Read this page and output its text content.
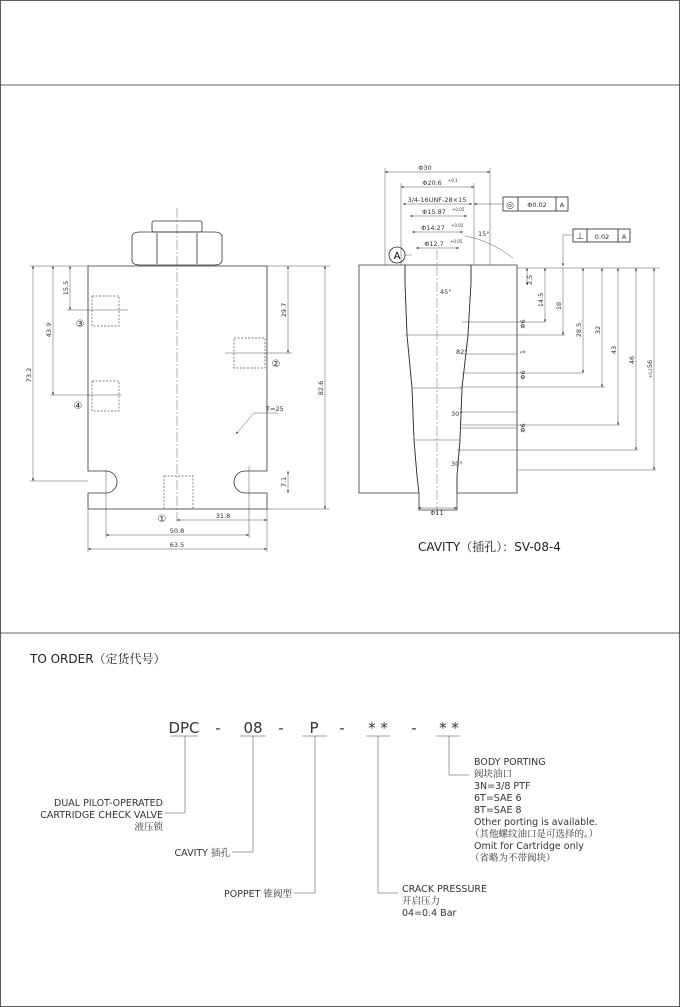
73.2
43.9
15.5
82.6
29.7
7.1
31.8
50.8
63.5
T=25
③
④
②
①
A
◎ Φ0.02 A
⊥ 0.02 A
Φ30
Φ20.6 +0.1
3/4-16UNF-28×15
Φ15.87 +0.05
Φ14.27 +0.05
Φ12.7 +0.05
Φ11
15°
45°
82°
30°
30°
Φ6
1
Φ6
Φ6
2.5
14.5 18
28.5 32
43
46 56
+0.2
CAVITY（插孔）：SV-08-4
TO ORDER（定货代号）
DPC - 08 - P - * * - * *
DUAL PILOT-OPERATED
CARTRIDGE CHECK VALVE
液压锁
CAVITY 插孔
POPPET 锥阀型	CRACK PRESSURE
开启压力
04=0.4 Bar
BODY PORTING
阀块油口
3N=3/8 PTF
6T=SAE 6
8T=SAE 8
Other porting is available.
（其他螺纹油口是可选择的。）
Omit for Cartridge only
（省略为不带阀块）
